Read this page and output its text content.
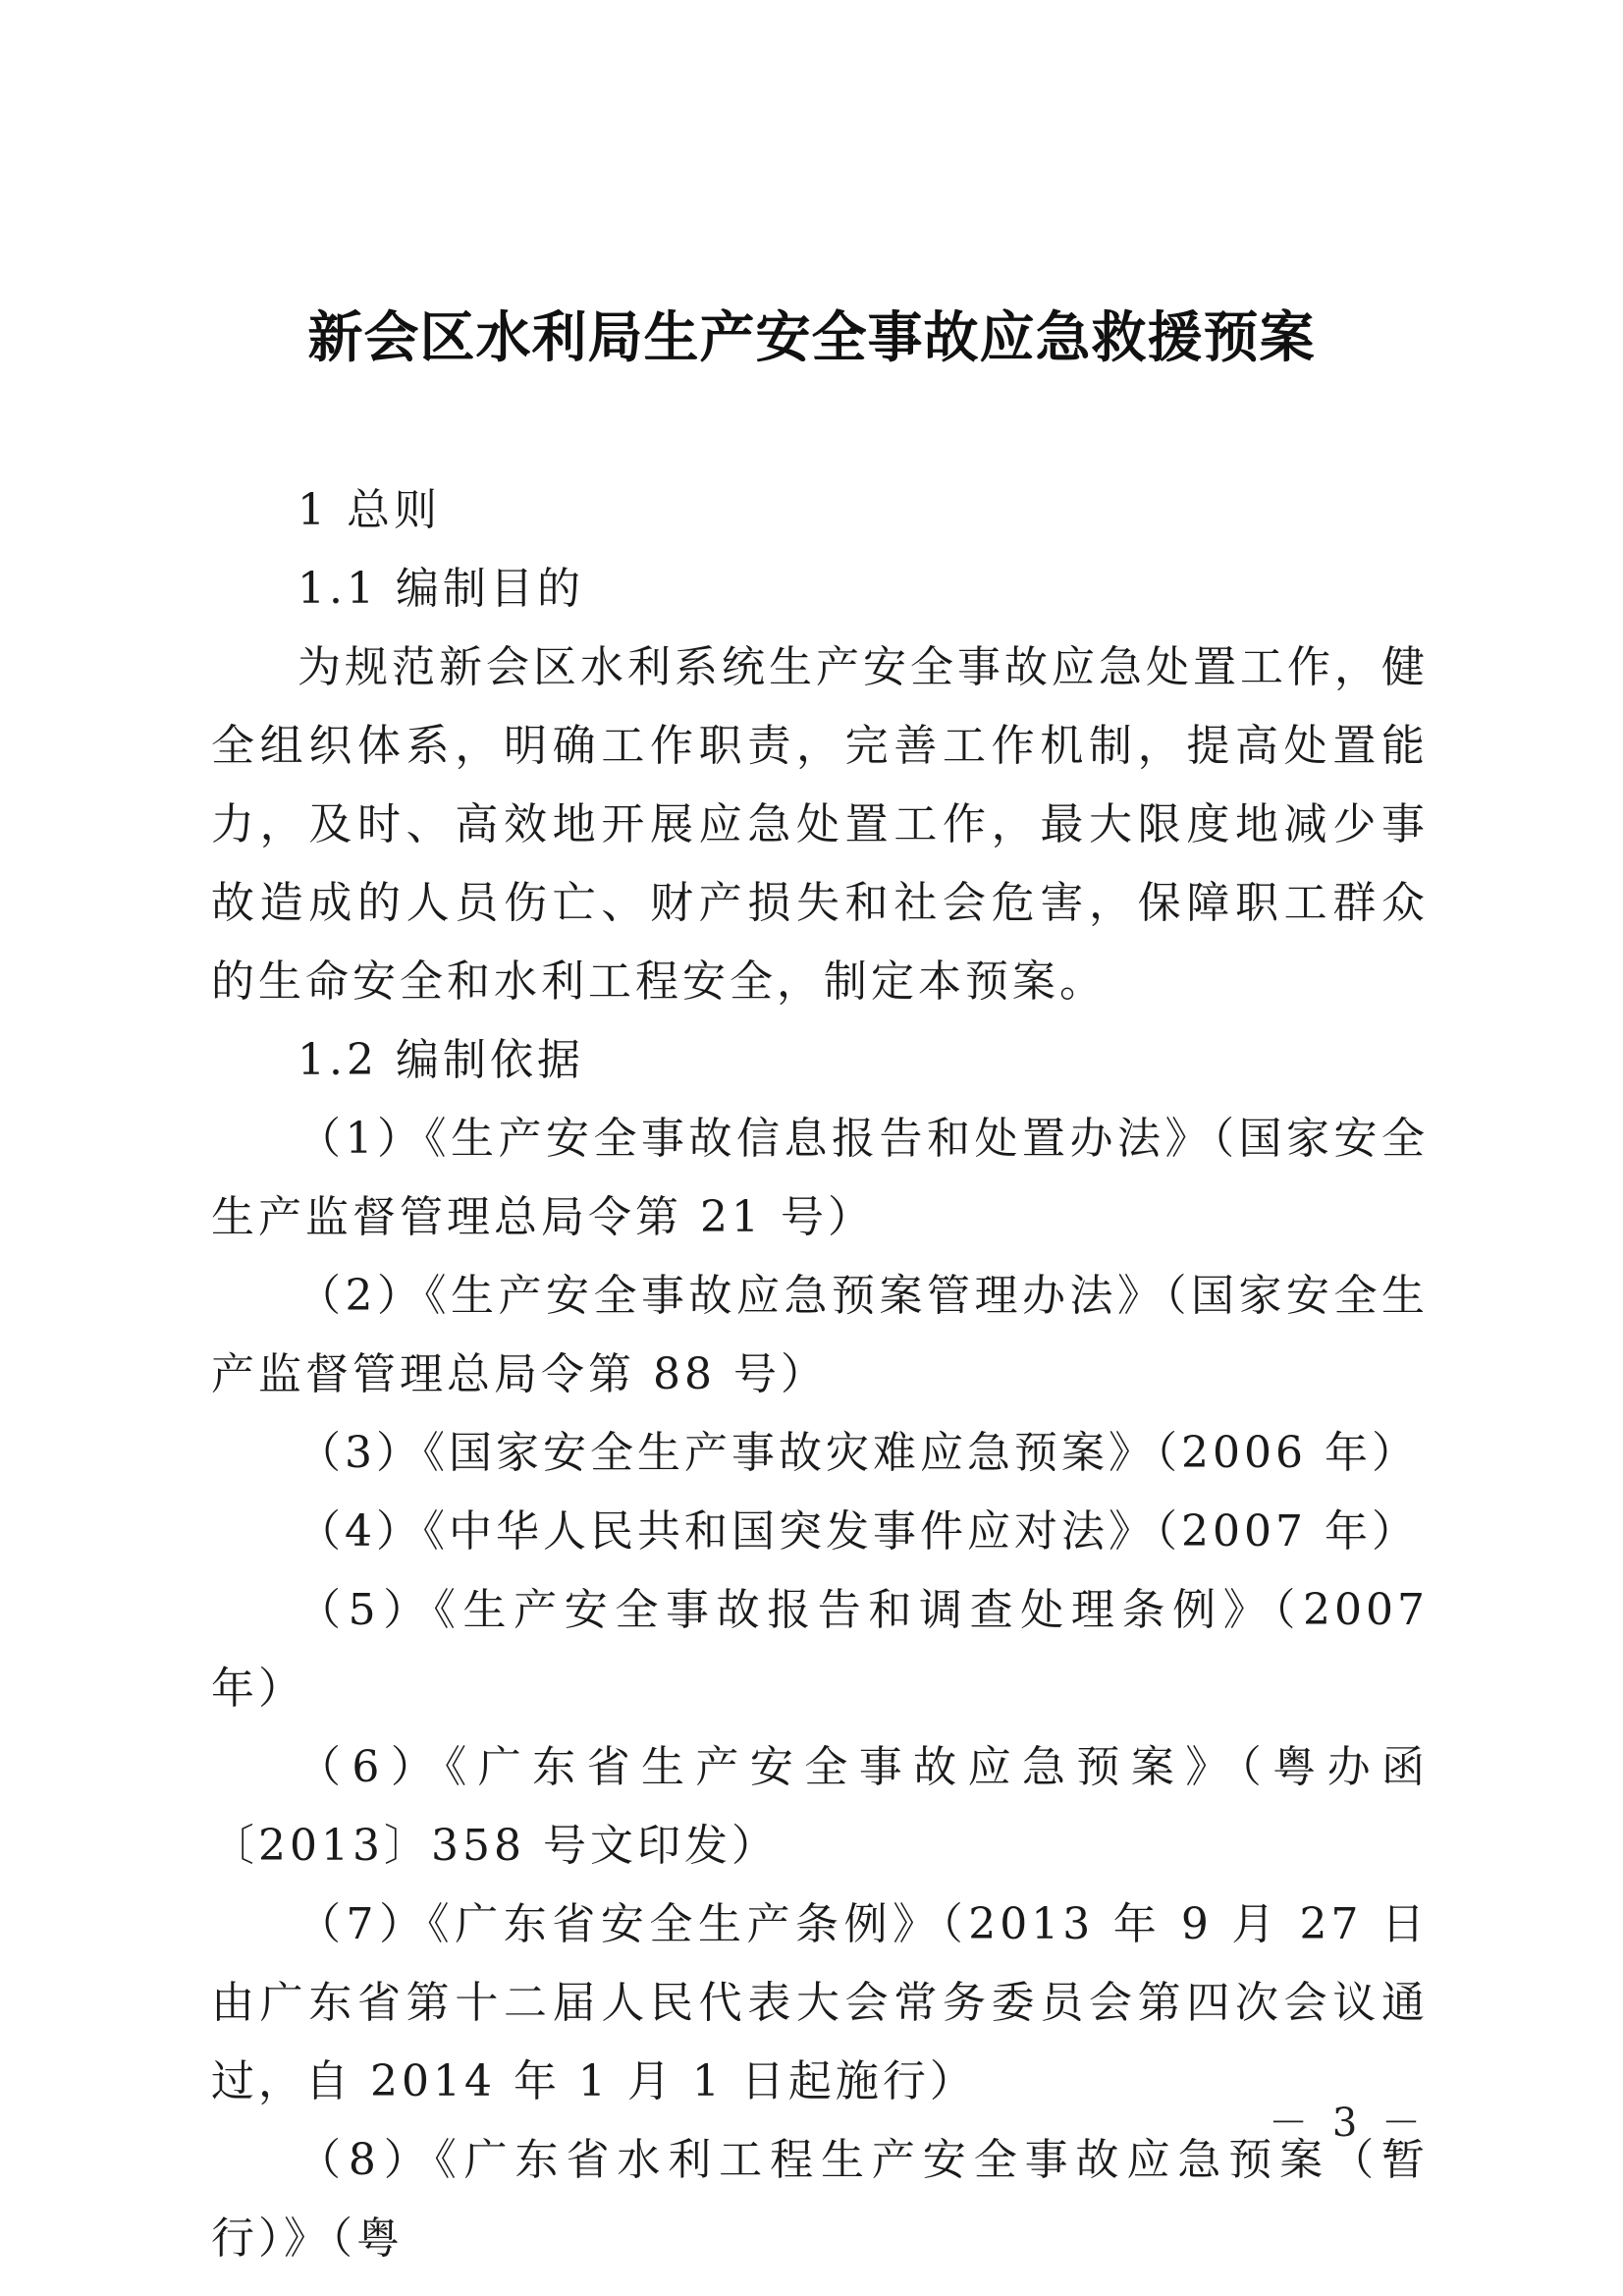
新会区水利局生产安全事故应急救援预案

1 总则

1.1 编制目的

为规范新会区水利系统生产安全事故应急处置工作，健全组织体系，明确工作职责，完善工作机制，提高处置能力，及时、高效地开展应急处置工作，最大限度地减少事故造成的人员伤亡、财产损失和社会危害，保障职工群众的生命安全和水利工程安全，制定本预案。

1.2 编制依据

（1）《生产安全事故信息报告和处置办法》（国家安全生产监督管理总局令第 21 号）

（2）《生产安全事故应急预案管理办法》（国家安全生产监督管理总局令第 88 号）

（3）《国家安全生产事故灾难应急预案》（2006 年）

（4）《中华人民共和国突发事件应对法》（2007 年）

（5）《生产安全事故报告和调查处理条例》（2007 年）

（6）《广东省生产安全事故应急预案》（粤办函〔2013〕358 号文印发）

（7）《广东省安全生产条例》（2013 年 9 月 27 日由广东省第十二届人民代表大会常务委员会第四次会议通过，自 2014 年 1 月 1 日起施行）

（8）《广东省水利工程生产安全事故应急预案（暂行）》（粤

－ 3 －
